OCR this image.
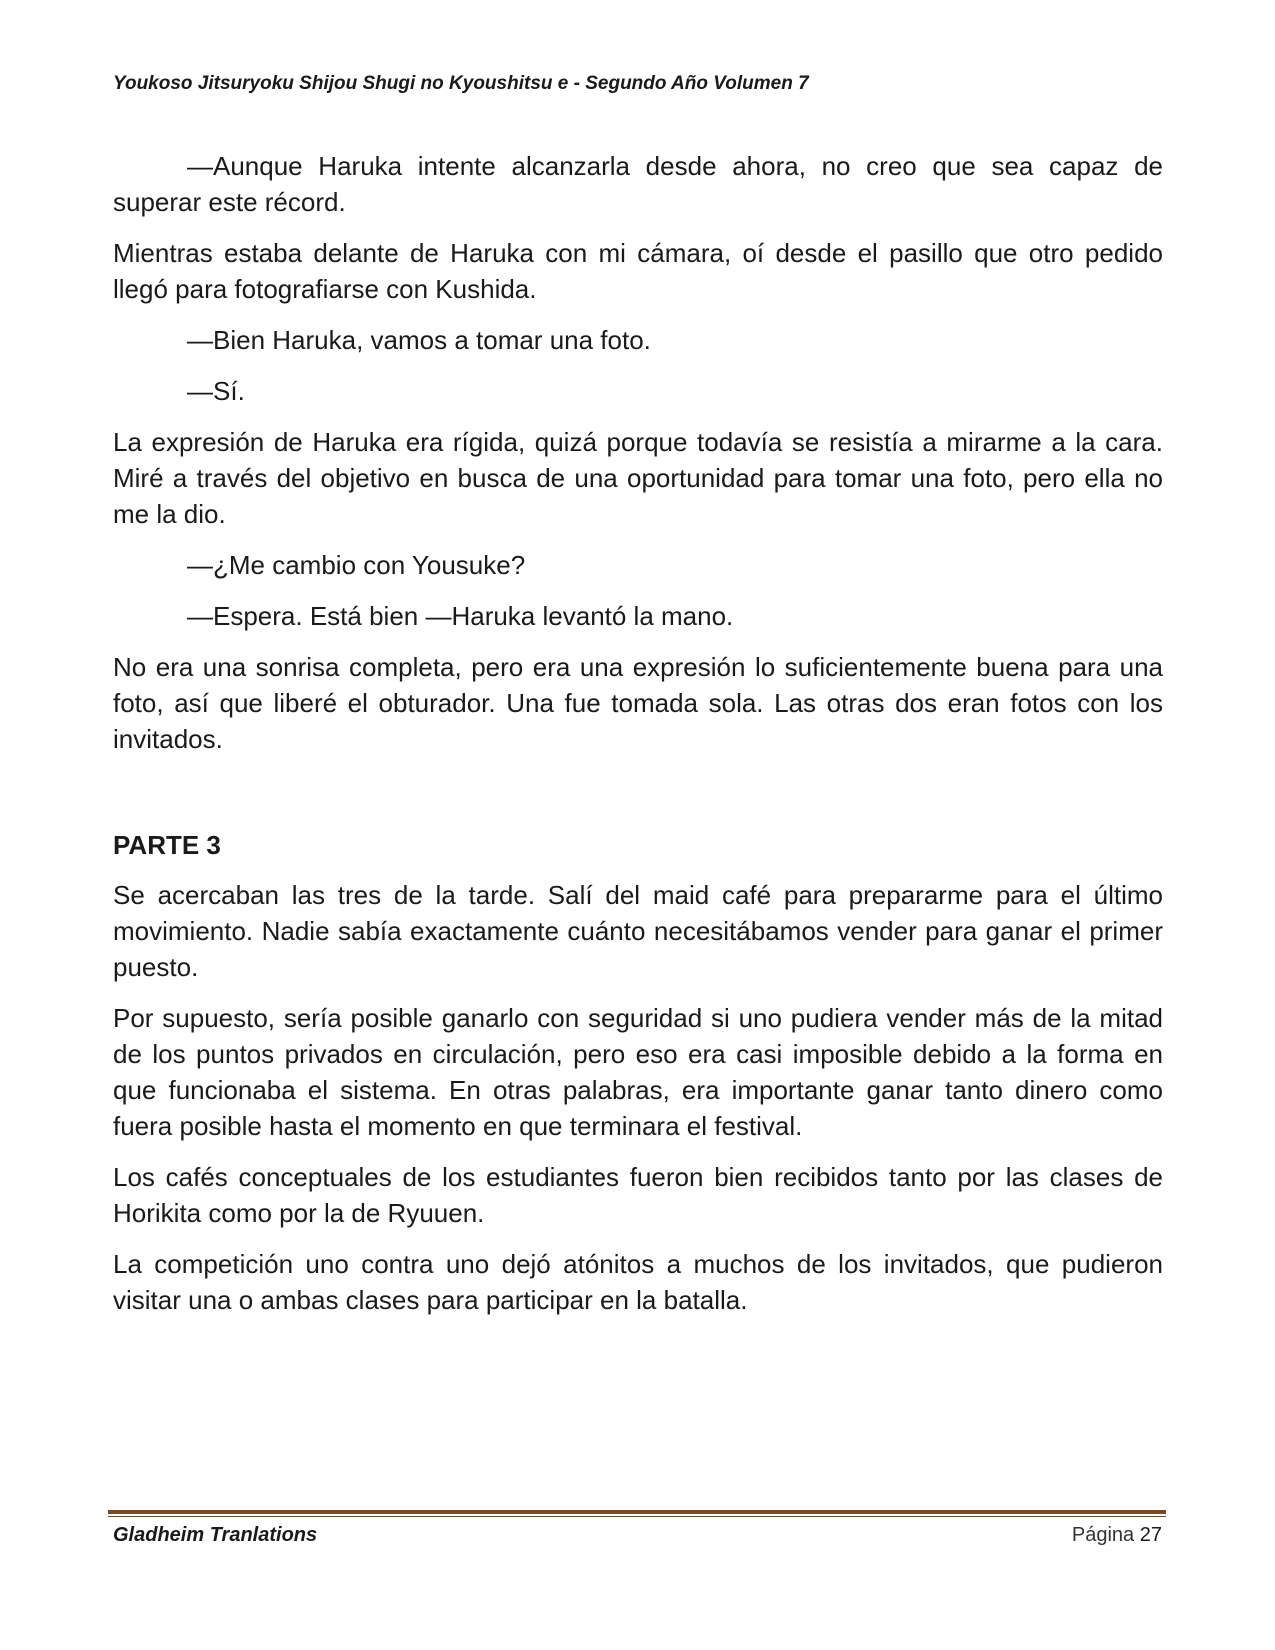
Youkoso Jitsuryoku Shijou Shugi no Kyoushitsu e - Segundo Año Volumen 7

—Aunque Haruka intente alcanzarla desde ahora, no creo que sea capaz de superar este récord.

Mientras estaba delante de Haruka con mi cámara, oí desde el pasillo que otro pedido llegó para fotografiarse con Kushida.

—Bien Haruka, vamos a tomar una foto.

—Sí.

La expresión de Haruka era rígida, quizá porque todavía se resistía a mirarme a la cara. Miré a través del objetivo en busca de una oportunidad para tomar una foto, pero ella no me la dio.

—¿Me cambio con Yousuke?

—Espera. Está bien —Haruka levantó la mano.

No era una sonrisa completa, pero era una expresión lo suficientemente buena para una foto, así que liberé el obturador. Una fue tomada sola. Las otras dos eran fotos con los invitados.

PARTE 3

Se acercaban las tres de la tarde. Salí del maid café para prepararme para el último movimiento. Nadie sabía exactamente cuánto necesitábamos vender para ganar el primer puesto.

Por supuesto, sería posible ganarlo con seguridad si uno pudiera vender más de la mitad de los puntos privados en circulación, pero eso era casi imposible debido a la forma en que funcionaba el sistema. En otras palabras, era importante ganar tanto dinero como fuera posible hasta el momento en que terminara el festival.

Los cafés conceptuales de los estudiantes fueron bien recibidos tanto por las clases de Horikita como por la de Ryuuen.

La competición uno contra uno dejó atónitos a muchos de los invitados, que pudieron visitar una o ambas clases para participar en la batalla.

Gladheim Tranlations	Página 27
